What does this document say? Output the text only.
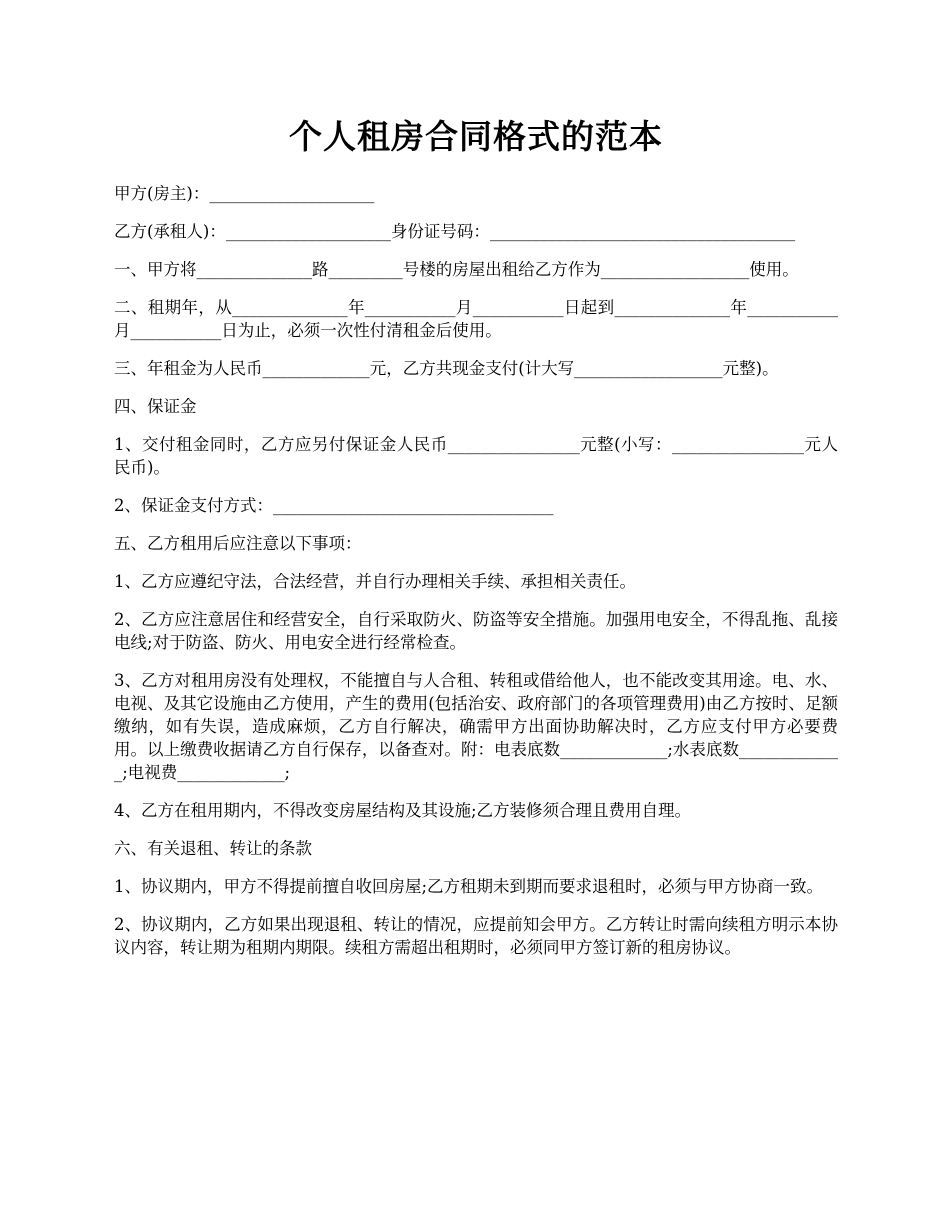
个人租房合同格式的范本

甲方(房主)：____________________

乙方(承租人)：____________________身份证号码：_____________________________________

一、甲方将______________路_________号楼的房屋出租给乙方作为__________________使用。

二、租期年，从______________年___________月___________日起到______________年___________月___________日为止，必须一次性付清租金后使用。

三、年租金为人民币_____________元，乙方共现金支付(计大写__________________元整)。

四、保证金

1、交付租金同时，乙方应另付保证金人民币________________元整(小写：________________元人民币)。

2、保证金支付方式：__________________________________

五、乙方租用后应注意以下事项：

1、乙方应遵纪守法，合法经营，并自行办理相关手续、承担相关责任。

2、乙方应注意居住和经营安全，自行采取防火、防盗等安全措施。加强用电安全，不得乱拖、乱接电线;对于防盗、防火、用电安全进行经常检查。

3、乙方对租用房没有处理权，不能擅自与人合租、转租或借给他人，也不能改变其用途。电、水、电视、及其它设施由乙方使用，产生的费用(包括治安、政府部门的各项管理费用)由乙方按时、足额缴纳，如有失误，造成麻烦，乙方自行解决，确需甲方出面协助解决时，乙方应支付甲方必要费用。以上缴费收据请乙方自行保存，以备查对。附：电表底数_____________;水表底数_____________;电视费_____________;

4、乙方在租用期内，不得改变房屋结构及其设施;乙方装修须合理且费用自理。

六、有关退租、转让的条款

1、协议期内，甲方不得提前擅自收回房屋;乙方租期未到期而要求退租时，必须与甲方协商一致。

2、协议期内，乙方如果出现退租、转让的情况，应提前知会甲方。乙方转让时需向续租方明示本协议内容，转让期为租期内期限。续租方需超出租期时，必须同甲方签订新的租房协议。
